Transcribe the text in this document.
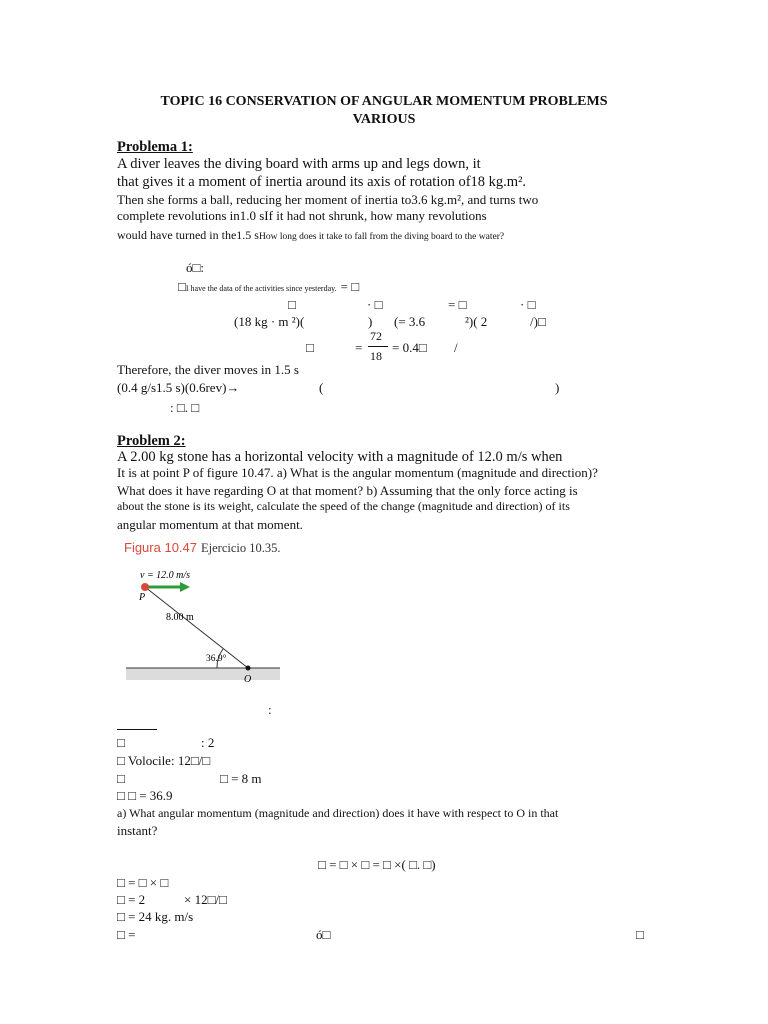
TOPIC 16 CONSERVATION OF ANGULAR MOMENTUM PROBLEMS
VARIOUS
Problema 1:
A diver leaves the diving board with arms up and legs down, it
that gives it a moment of inertia around its axis of rotation of18 kg.m².
Then she forms a ball, reducing her moment of inertia to3.6 kg.m², and turns two
complete revolutions in1.0 sIf it had not shrunk, how many revolutions
would have turned in the1.5 sHow long does it take to fall from the diving board to the water?
ó□:
□I have the data of the activities since yesterday. = □
□	· □	= □	· □
(18 kg · m ²)(	) (= 3.6	²)( 2	/)□
□	=
72
18
= 0.4□ /
Therefore, the diver moves in 1.5 s
(0.4 g/s1.5 s)(0.6rev)→	(	)
: □. □
Problem 2:
A 2.00 kg stone has a horizontal velocity with a magnitude of 12.0 m/s when
It is at point P of figure 10.47. a) What is the angular momentum (magnitude and direction)?
What does it have regarding O at that moment? b) Assuming that the only force acting is
about the stone is its weight, calculate the speed of the change (magnitude and direction) of its
angular momentum at that moment.
Figura 10.47 Ejercicio 10.35.
v = 12.0 m/s
P
8.00 m
36.9°
O
:
□	: 2
□ Volocile: 12□/□
□	□ = 8 m
□ □ = 36.9
a) What angular momentum (magnitude and direction) does it have with respect to O in that
instant?
□ = □ × □ = □ ×( □. □)
□ = □ × □
□ = 2	× 12□/□
□ = 24 kg. m/s
□ =	ó□	□
